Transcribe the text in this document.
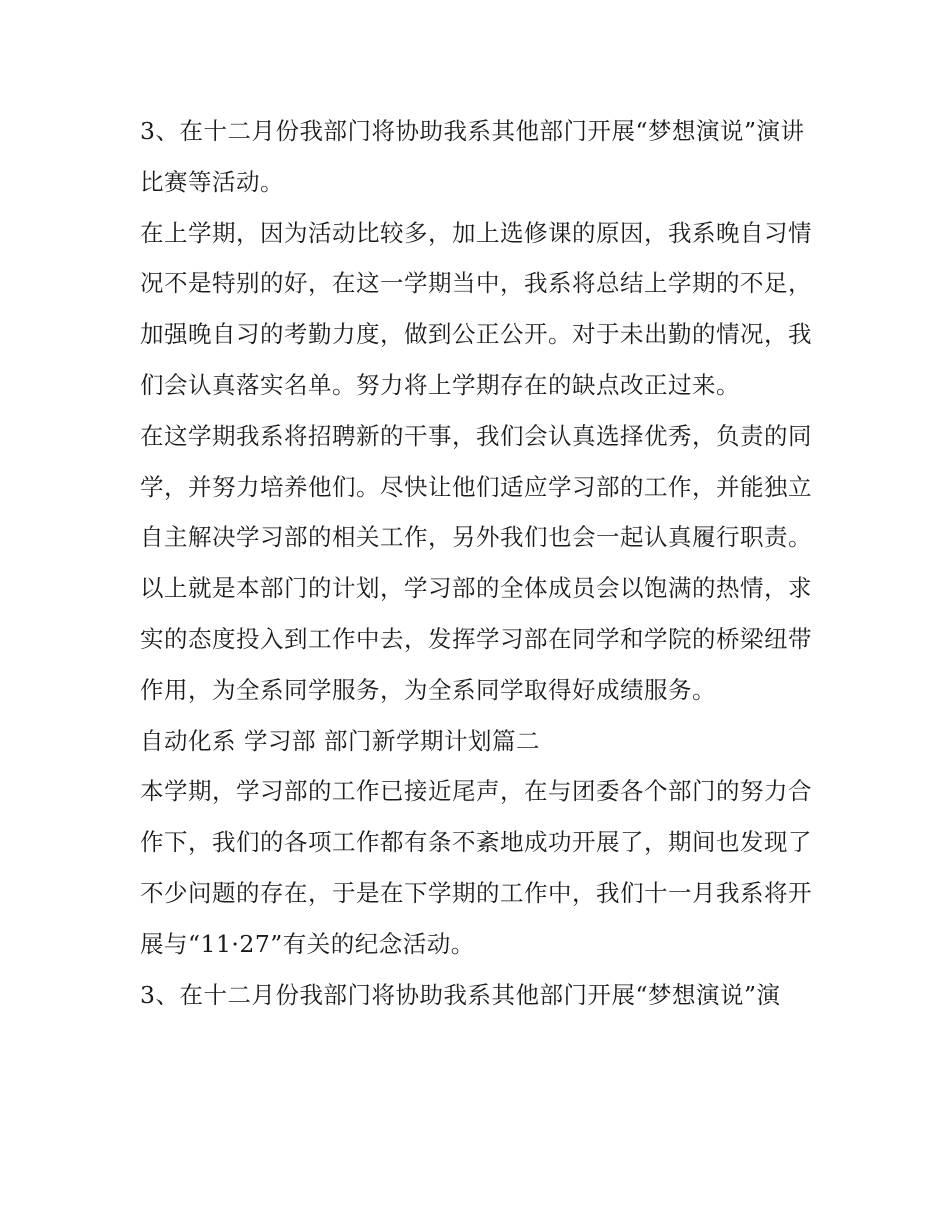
3、在十二月份我部门将协助我系其他部门开展“梦想演说”演讲比赛等活动。

在上学期，因为活动比较多，加上选修课的原因，我系晚自习情况不是特别的好，在这一学期当中，我系将总结上学期的不足，加强晚自习的考勤力度，做到公正公开。对于未出勤的情况，我们会认真落实名单。努力将上学期存在的缺点改正过来。

在这学期我系将招聘新的干事，我们会认真选择优秀，负责的同学，并努力培养他们。尽快让他们适应学习部的工作，并能独立自主解决学习部的相关工作，另外我们也会一起认真履行职责。

以上就是本部门的计划，学习部的全体成员会以饱满的热情，求实的态度投入到工作中去，发挥学习部在同学和学院的桥梁纽带作用，为全系同学服务，为全系同学取得好成绩服务。

自动化系 学习部 部门新学期计划篇二

本学期，学习部的工作已接近尾声，在与团委各个部门的努力合作下，我们的各项工作都有条不紊地成功开展了，期间也发现了不少问题的存在，于是在下学期的工作中，我们十一月我系将开展与“11·27”有关的纪念活动。

3、在十二月份我部门将协助我系其他部门开展“梦想演说”演
